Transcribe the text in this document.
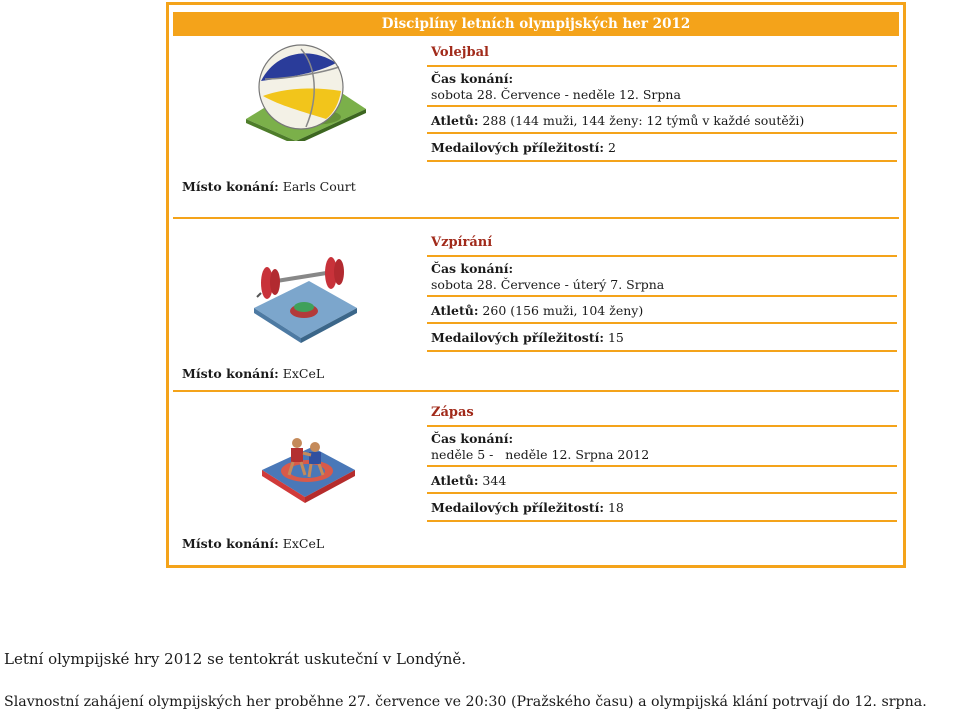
Disciplíny letních olympijských her 2012
Volejbal
Čas konání:
sobota 28. Července - neděle 12. Srpna
Atletů: 288 (144 muži, 144 ženy: 12 týmů v každé soutěži)
Medailových příležitostí: 2
Místo konání: Earls Court
Vzpírání
Čas konání:
sobota 28. Července - úterý 7. Srpna
Atletů: 260 (156 muži, 104 ženy)
Medailových příležitostí: 15
Místo konání: ExCeL
Zápas
Čas konání:
neděle 5 -   neděle 12. Srpna 2012
Atletů: 344
Medailových příležitostí: 18
Místo konání: ExCeL
Letní olympijské hry 2012 se tentokrát uskuteční v Londýně.
Slavnostní zahájení olympijských her proběhne 27. července ve 20:30 (Pražského času) a olympijská klání potrvají do 12. srpna.
